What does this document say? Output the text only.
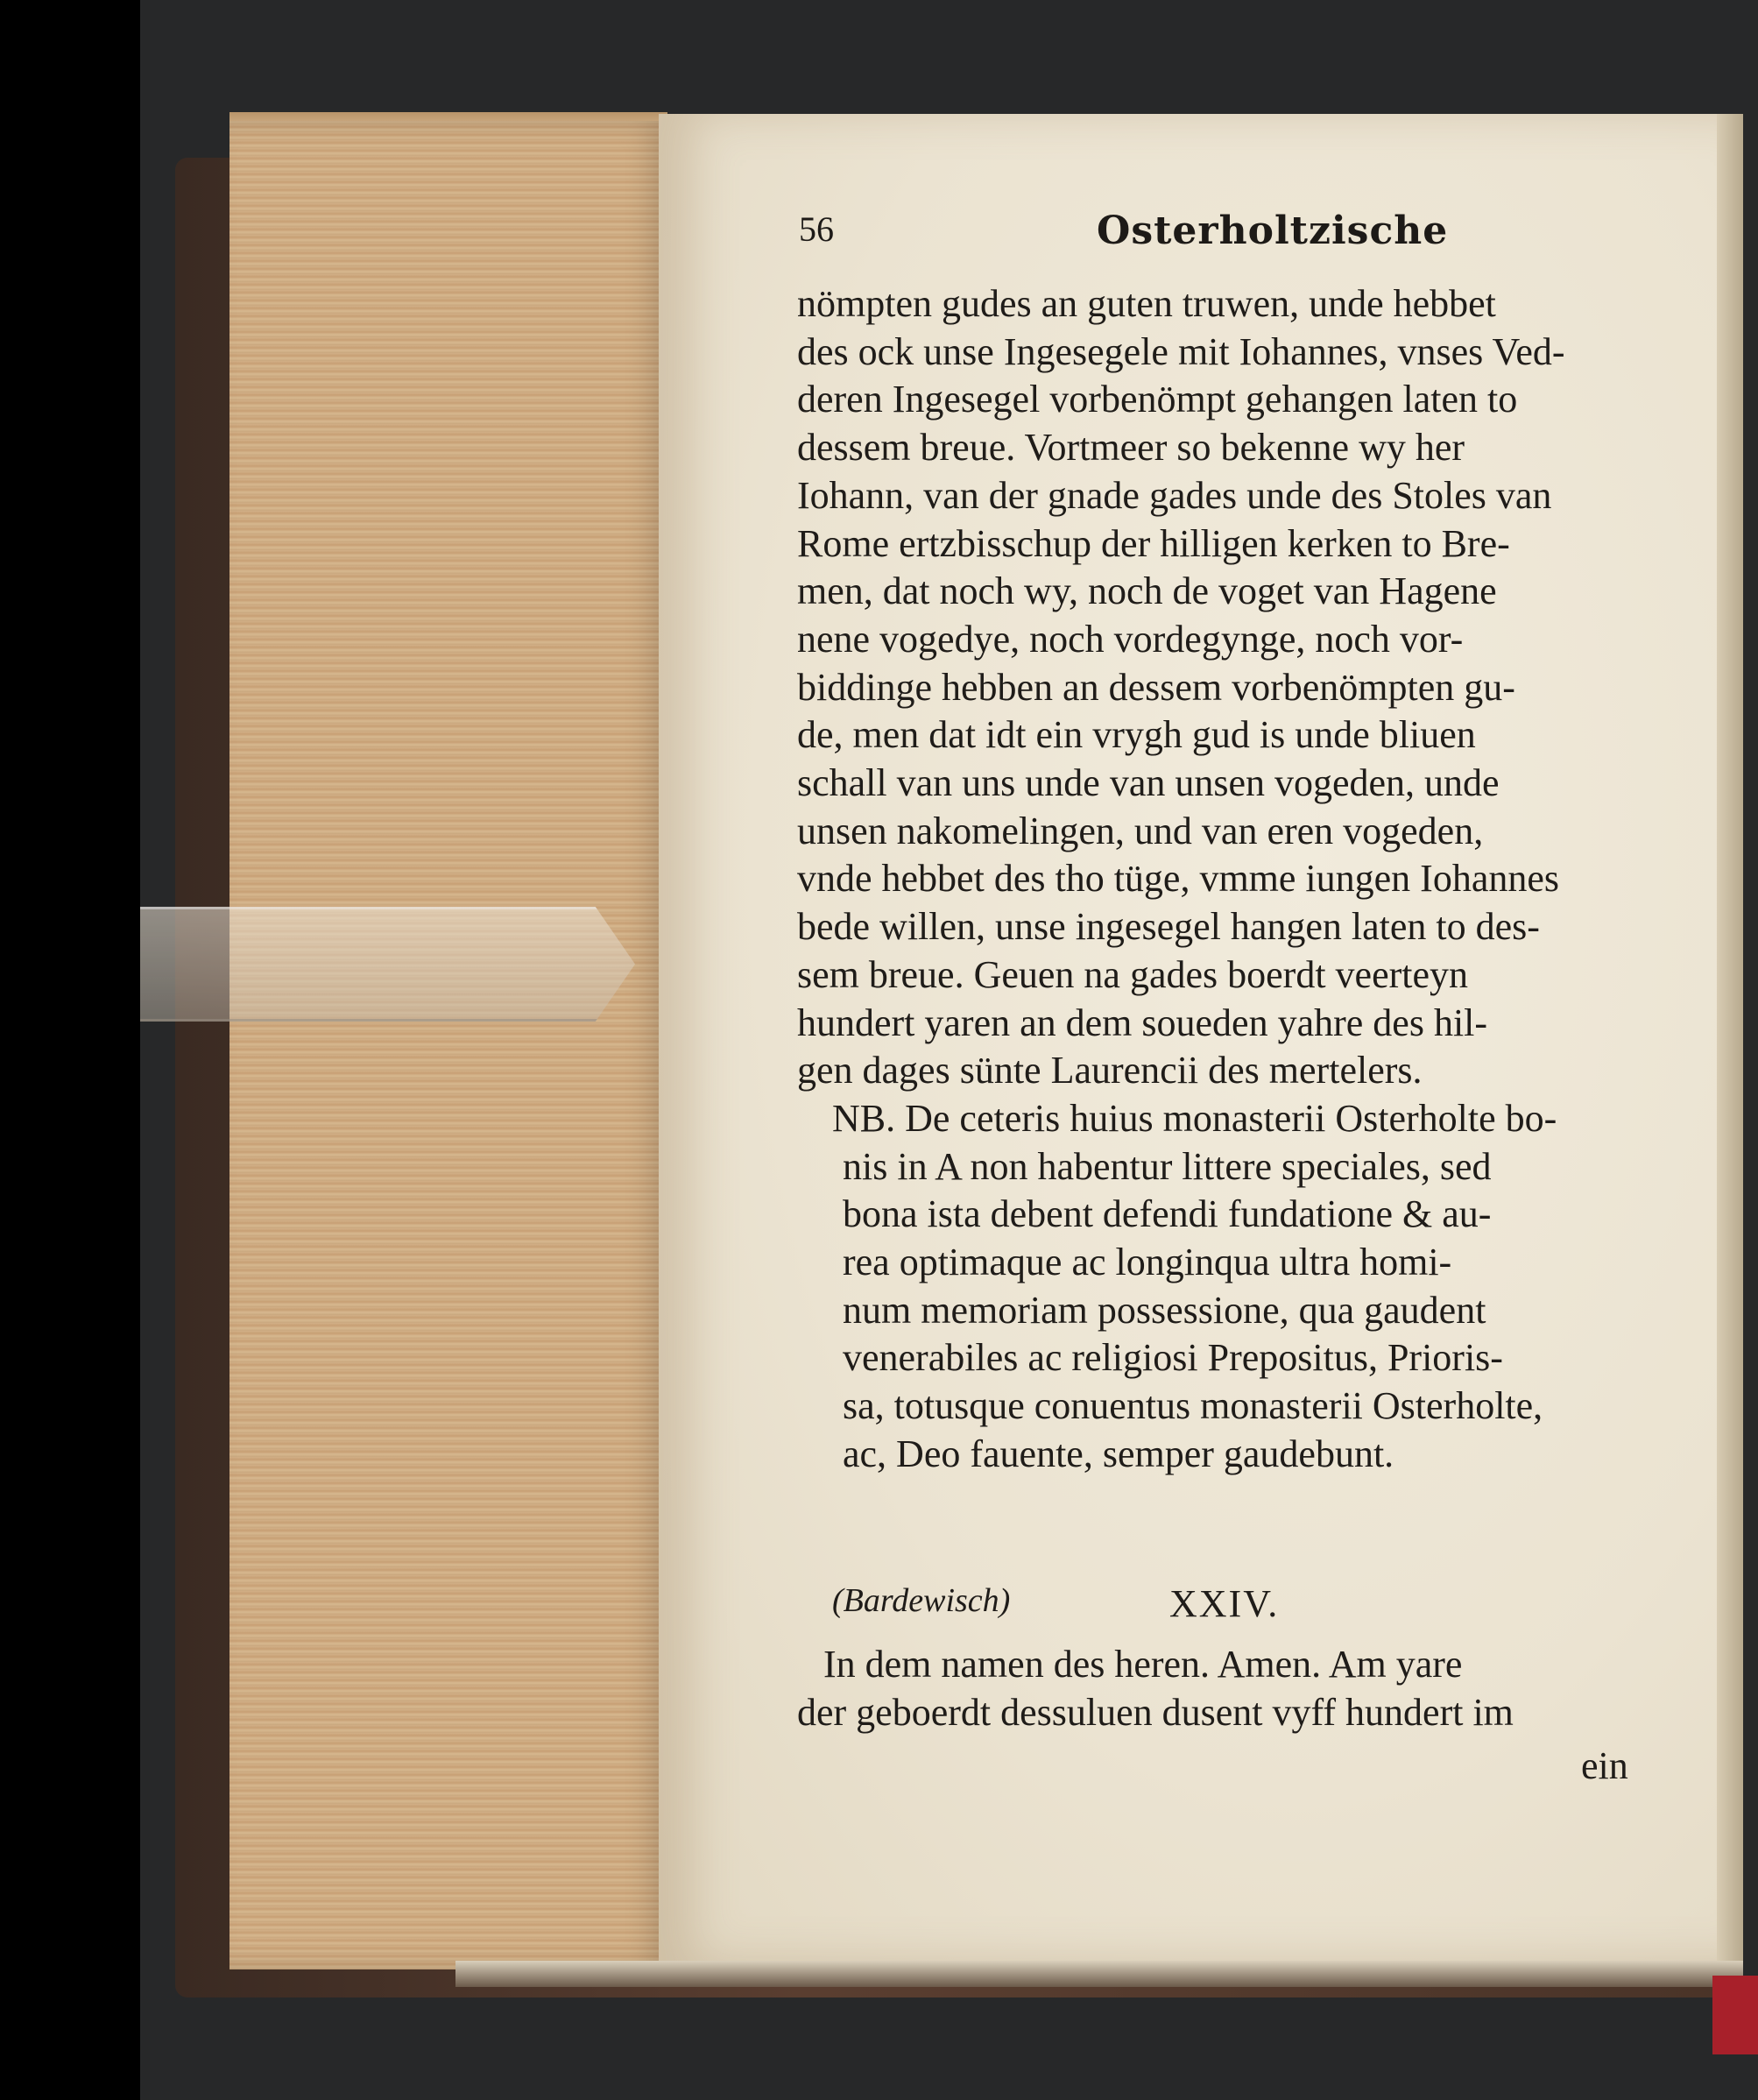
56	Osterholtzische
nömpten gudes an guten truwen, unde hebbet
des ock unse Ingesegele mit Iohannes, vnses Ved-
deren Ingesegel vorbenömpt gehangen laten to
dessem breue. Vortmeer so bekenne wy her
Iohann, van der gnade gades unde des Stoles van
Rome ertzbisschup der hilligen kerken to Bre-
men, dat noch wy, noch de voget van Hagene
nene vogedye, noch vordegynge, noch vor-
biddinge hebben an dessem vorbenömpten gu-
de, men dat idt ein vrygh gud is unde bliuen
schall van uns unde van unsen vogeden, unde
unsen nakomelingen, und van eren vogeden,
vnde hebbet des tho tüge, vmme iungen Iohannes
bede willen, unse ingesegel hangen laten to des-
sem breue. Geuen na gades boerdt veerteyn
hundert yaren an dem soueden yahre des hil-
gen dages sünte Laurencii des mertelers.
NB. De ceteris huius monasterii Osterholte bo-
nis in A non habentur littere speciales, sed
bona ista debent defendi fundatione & au-
rea optimaque ac longinqua ultra homi-
num memoriam possessione, qua gaudent
venerabiles ac religiosi Prepositus, Prioris-
sa, totusque conuentus monasterii Osterholte,
ac, Deo fauente, semper gaudebunt.
(Bardewisch)	XXIV.
In dem namen des heren. Amen. Am yare
der geboerdt dessuluen dusent vyff hundert im
ein
